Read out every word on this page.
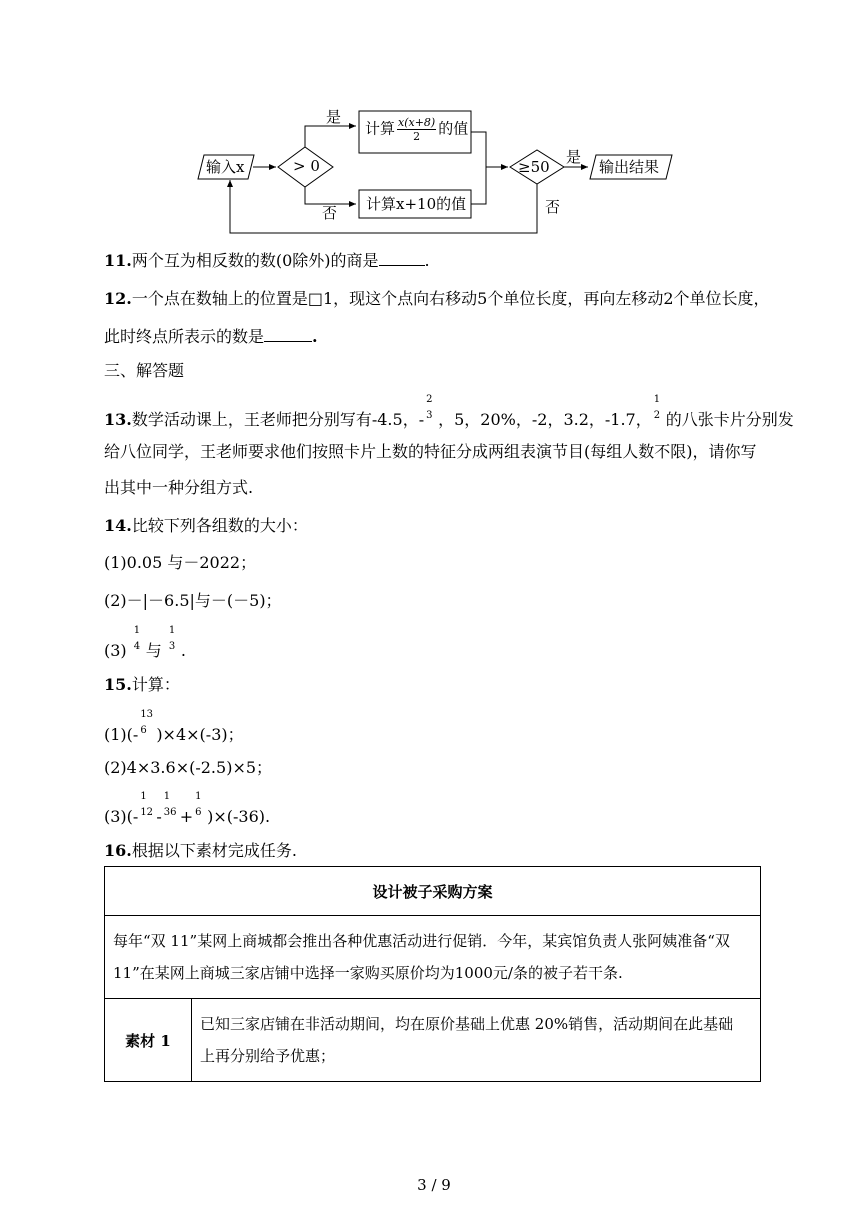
输入x	> 0
是
否
计算 $\frac{x(x+8)}{2}$ 的值
计算x+10的值
≥50
是
否
输出结果
11.两个互为相反数的数(0除外)的商是	.
12.一个点在数轴上的位置是□1，现这个点向右移动5个单位长度，再向左移动2个单位长度，
此时终点所表示的数是	.
三、解答题
13.数学活动课上，王老师把分别写有-4.5，-
2
3 ，5，20%，-2，3.2，-1.7，
1
2 的八张卡片分别发
给八位同学，王老师要求他们按照卡片上数的特征分成两组表演节目(每组人数不限)，请你写
出其中一种分组方式.
14.比较下列各组数的大小：
(1)0.05 与－2022；
(2)－|－6.5|与－(－5)；
(3)
1
4 与
1
3 .
15.计算：
(1)(-
13
6 )×4×(-3)；
(2)4×3.6×(-2.5)×5；
(3)(-
1
12 -
1
36 +
1
6 )×(-36).
16.根据以下素材完成任务.
设计被子采购方案

每年“双 11”某网上商城都会推出各种优惠活动进行促销．今年，某宾馆负责人张阿姨准备“双
11”在某网上商城三家店铺中选择一家购买原价均为1000元/条的被子若干条.

素材 1	
已知三家店铺在非活动期间，均在原价基础上优惠 20%销售，活动期间在此基础
上再分别给予优惠；
3 / 9
